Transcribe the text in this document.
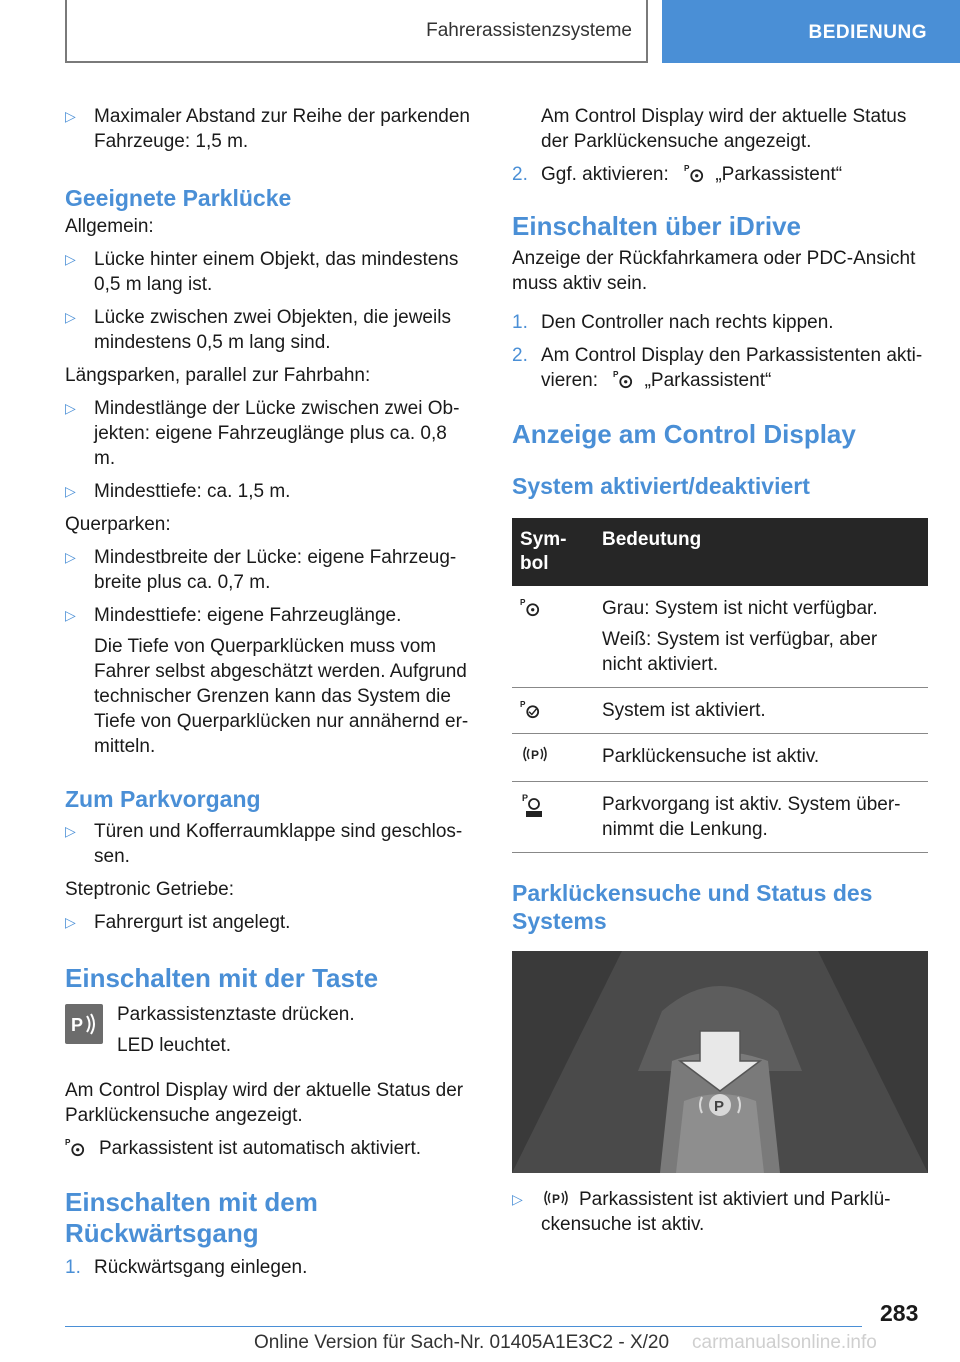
Fahrerassistenzsysteme	BEDIENUNG
▷ Maximaler Abstand zur Reihe der parkenden Fahrzeuge: 1,5 m.
Geeignete Parklücke
Allgemein:
▷ Lücke hinter einem Objekt, das mindestens 0,5 m lang ist.
▷ Lücke zwischen zwei Objekten, die jeweils mindestens 0,5 m lang sind.
Längsparken, parallel zur Fahrbahn:
▷ Mindestlänge der Lücke zwischen zwei Ob‐ jekten: eigene Fahrzeuglänge plus ca. 0,8 m.
▷ Mindesttiefe: ca. 1,5 m.
Querparken:
▷ Mindestbreite der Lücke: eigene Fahrzeug‐ breite plus ca. 0,7 m.
▷ Mindesttiefe: eigene Fahrzeuglänge.
Die Tiefe von Querparklücken muss vom Fahrer selbst abgeschätzt werden. Aufgrund technischer Grenzen kann das System die Tiefe von Querparklücken nur annähernd er‐ mitteln.
Zum Parkvorgang
▷ Türen und Kofferraumklappe sind geschlos‐ sen.
Steptronic Getriebe:
▷ Fahrergurt ist angelegt.
Einschalten mit der Taste
P Parkassistenztaste drücken.
LED leuchtet.
Am Control Display wird der aktuelle Status der Parklückensuche angezeigt.
P Parkassistent ist automatisch aktiviert.
Einschalten mit dem Rückwärtsgang
1. Rückwärtsgang einlegen.
Am Control Display wird der aktuelle Status der Parklückensuche angezeigt.
2. Ggf. aktivieren: P „Parkassistent“
Einschalten über iDrive
Anzeige der Rückfahrkamera oder PDC-Ansicht muss aktiv sein.
1. Den Controller nach rechts kippen.
2. Am Control Display den Parkassistenten akti‐ vieren: P „Parkassistent“
Anzeige am Control Display
System aktiviert/deaktiviert
Sym‐ bol	Bedeutung

P	Grau: System ist nicht verfügbar.
Weiß: System ist verfügbar, aber nicht aktiviert.

P	System ist aktiviert.

P	Parklückensuche ist aktiv.

P	Parkvorgang ist aktiv. System über‐ nimmt die Lenkung.
Parklückensuche und Status des Systems
P
▷ P Parkassistent ist aktiviert und Parklü‐ ckensuche ist aktiv.
283
Online Version für Sach-Nr. 01405A1E3C2 - X/20 carmanualsonline.info
